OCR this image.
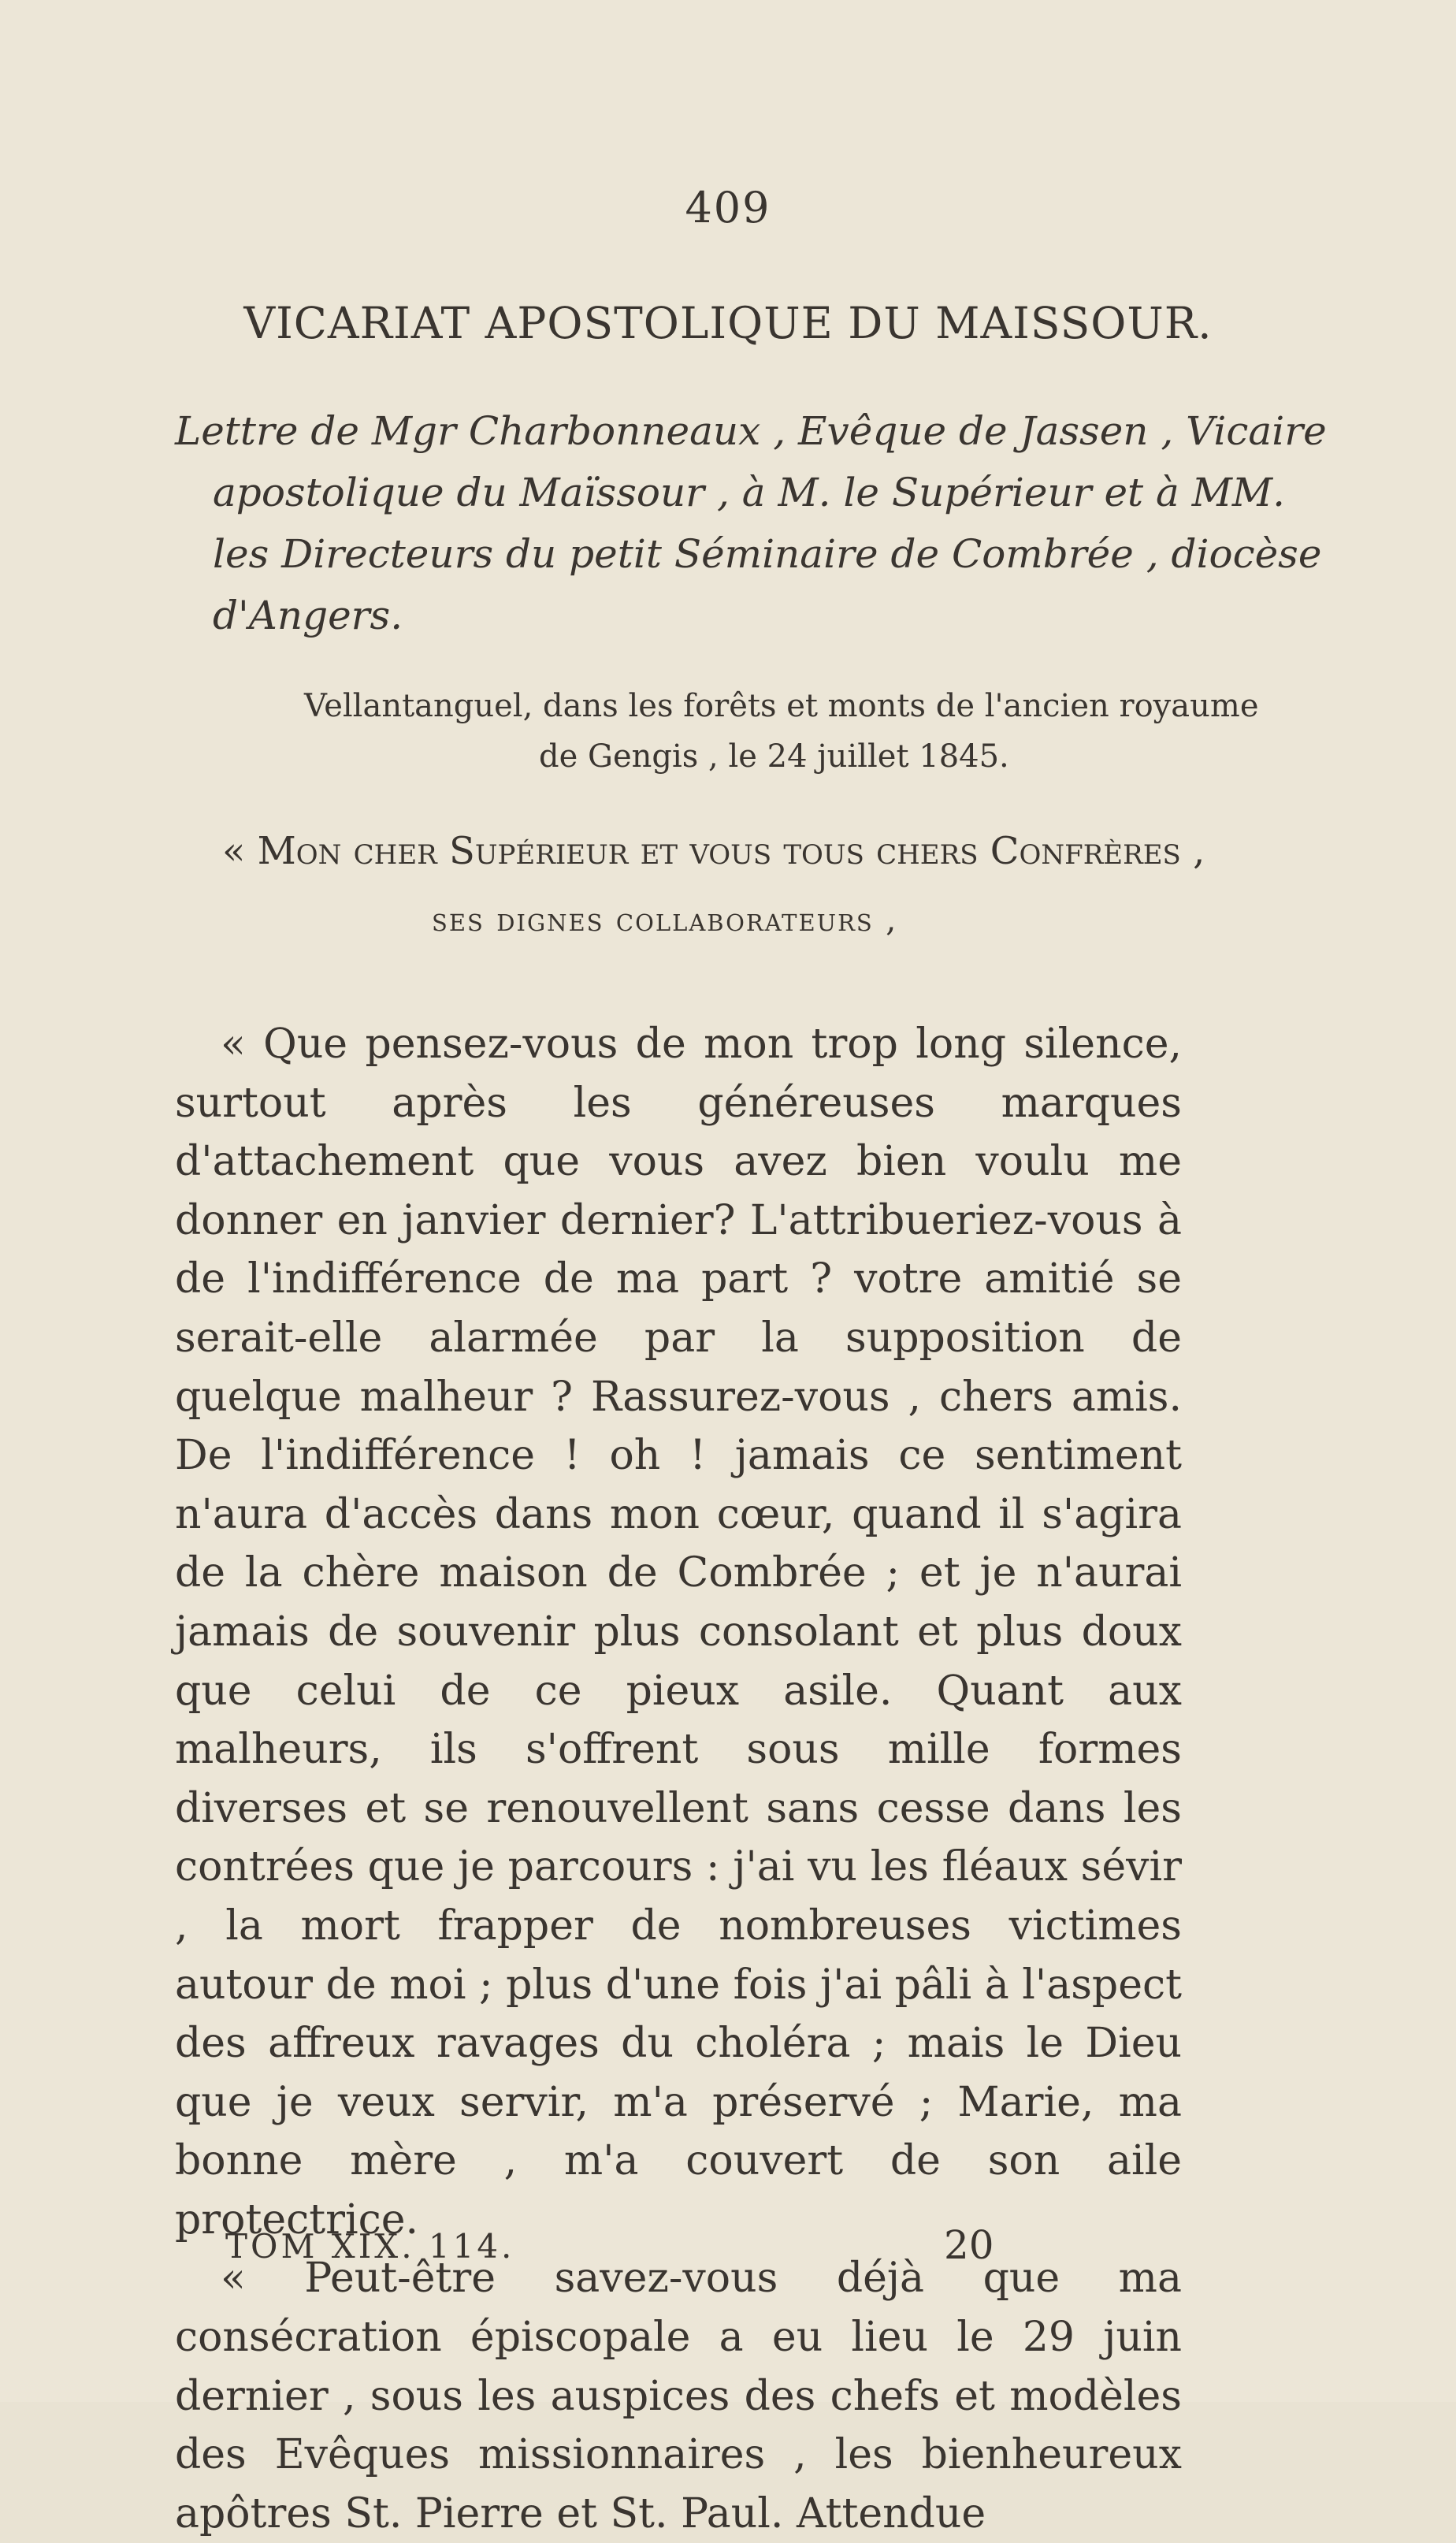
409
VICARIAT APOSTOLIQUE DU MAISSOUR.
Lettre de Mgr Charbonneaux , Evêque de Jassen , Vicaire
apostolique du Maïssour , à M. le Supérieur et à MM.
les Directeurs du petit Séminaire de Combrée , diocèse
d'Angers.
Vellantanguel, dans les forêts et monts de l'ancien royaume
de Gengis , le 24 juillet 1845.
« Mon cher Supérieur et vous tous chers Confrères ,
ses dignes collaborateurs ,

« Que pensez-vous de mon trop long silence, surtout après les généreuses marques d'attachement que vous avez bien voulu me donner en janvier dernier? L'attribueriez-vous à de l'indifférence de ma part ? votre amitié se serait-elle alarmée par la supposition de quelque malheur ? Rassurez-vous , chers amis. De l'indifférence ! oh ! jamais ce sentiment n'aura d'accès dans mon cœur, quand il s'agira de la chère maison de Combrée ; et je n'aurai jamais de souvenir plus consolant et plus doux que celui de ce pieux asile. Quant aux malheurs, ils s'offrent sous mille formes diverses et se renouvellent sans cesse dans les contrées que je parcours : j'ai vu les fléaux sévir , la mort frapper de nombreuses victimes autour de moi ; plus d'une fois j'ai pâli à l'aspect des affreux ravages du choléra ; mais le Dieu que je veux servir, m'a préservé ; Marie, ma bonne mère , m'a couvert de son aile protectrice.

« Peut-être savez-vous déjà que ma consécration épiscopale a eu lieu le 29 juin dernier , sous les auspices des chefs et modèles des Evêques missionnaires , les bienheureux apôtres St. Pierre et St. Paul. Attendue

TOM XIX. 114.	20
